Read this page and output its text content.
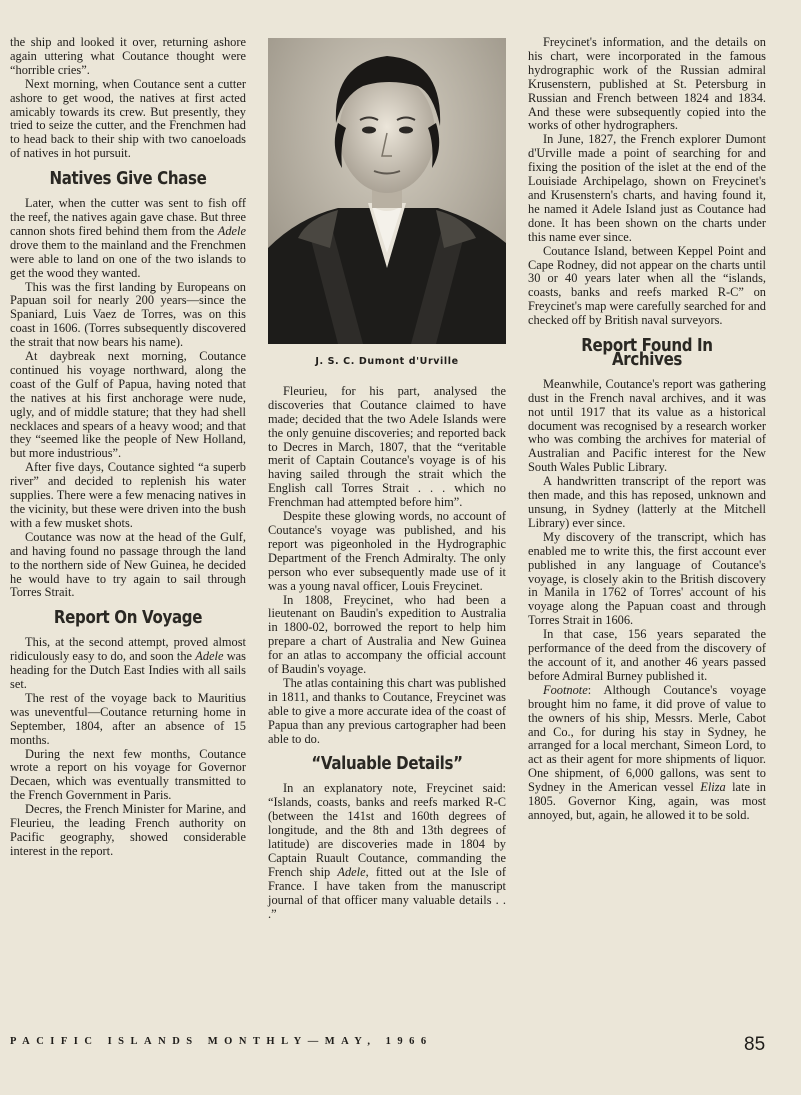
the ship and looked it over, returning ashore again uttering what Coutance thought were “horrible cries”.

Next morning, when Coutance sent a cutter ashore to get wood, the natives at first acted amicably towards its crew. But presently, they tried to seize the cutter, and the Frenchmen had to head back to their ship with two canoeloads of natives in hot pursuit.

Natives Give Chase

Later, when the cutter was sent to fish off the reef, the natives again gave chase. But three cannon shots fired behind them from the Adele drove them to the mainland and the Frenchmen were able to land on one of the two islands to get the wood they wanted.

This was the first landing by Europeans on Papuan soil for nearly 200 years—since the Spaniard, Luis Vaez de Torres, was on this coast in 1606. (Torres subsequently discovered the strait that now bears his name).

At daybreak next morning, Coutance continued his voyage northward, along the coast of the Gulf of Papua, having noted that the natives at his first anchorage were nude, ugly, and of middle stature; that they had shell necklaces and spears of a heavy wood; and that they “seemed like the people of New Holland, but more industrious”.

After five days, Coutance sighted “a superb river” and decided to replenish his water supplies. There were a few menacing natives in the vicinity, but these were driven into the bush with a few musket shots.

Coutance was now at the head of the Gulf, and having found no passage through the land to the northern side of New Guinea, he decided he would have to try again to sail through Torres Strait.

Report On Voyage

This, at the second attempt, proved almost ridiculously easy to do, and soon the Adele was heading for the Dutch East Indies with all sails set.

The rest of the voyage back to Mauritius was uneventful—Coutance returning home in September, 1804, after an absence of 15 months.

During the next few months, Coutance wrote a report on his voyage for Governor Decaen, which was eventually transmitted to the French Government in Paris.

Decres, the French Minister for Marine, and Fleurieu, the leading French authority on Pacific geography, showed considerable interest in the report.

J. S. C. Dumont d'Urville

Fleurieu, for his part, analysed the discoveries that Coutance claimed to have made; decided that the two Adele Islands were the only genuine discoveries; and reported back to Decres in March, 1807, that the “veritable merit of Captain Coutance's voyage is of his having sailed through the strait which the English call Torres Strait . . . which no Frenchman had attempted before him”.

Despite these glowing words, no account of Coutance's voyage was published, and his report was pigeonholed in the Hydrographic Department of the French Admiralty. The only person who ever subsequently made use of it was a young naval officer, Louis Freycinet.

In 1808, Freycinet, who had been a lieutenant on Baudin's expedition to Australia in 1800-02, borrowed the report to help him prepare a chart of Australia and New Guinea for an atlas to accompany the official account of Baudin's voyage.

The atlas containing this chart was published in 1811, and thanks to Coutance, Freycinet was able to give a more accurate idea of the coast of Papua than any previous cartographer had been able to do.

“Valuable Details”

In an explanatory note, Freycinet said: “Islands, coasts, banks and reefs marked R-C (between the 141st and 160th degrees of longitude, and the 8th and 13th degrees of latitude) are discoveries made in 1804 by Captain Ruault Coutance, commanding the French ship Adele, fitted out at the Isle of France. I have taken from the manuscript journal of that officer many valuable details . . .”

Freycinet's information, and the details on his chart, were incorporated in the famous hydrographic work of the Russian admiral Krusenstern, published at St. Petersburg in Russian and French between 1824 and 1834. And these were subsequently copied into the works of other hydrographers.

In June, 1827, the French explorer Dumont d'Urville made a point of searching for and fixing the position of the islet at the end of the Louisiade Archipelago, shown on Freycinet's and Krusenstern's charts, and having found it, he named it Adele Island just as Coutance had done. It has been shown on the charts under this name ever since.

Coutance Island, between Keppel Point and Cape Rodney, did not appear on the charts until 30 or 40 years later when all the “islands, coasts, banks and reefs marked R-C” on Freycinet's map were carefully searched for and checked off by British naval surveyors.

Report Found In Archives

Meanwhile, Coutance's report was gathering dust in the French naval archives, and it was not until 1917 that its value as a historical document was recognised by a research worker who was combing the archives for material of Australian and Pacific interest for the New South Wales Public Library.

A handwritten transcript of the report was then made, and this has reposed, unknown and unsung, in Sydney (latterly at the Mitchell Library) ever since.

My discovery of the transcript, which has enabled me to write this, the first account ever published in any language of Coutance's voyage, is closely akin to the British discovery in Manila in 1762 of Torres' account of his voyage along the Papuan coast and through Torres Strait in 1606.

In that case, 156 years separated the performance of the deed from the discovery of the account of it, and another 46 years passed before Admiral Burney published it.

Footnote: Although Coutance's voyage brought him no fame, it did prove of value to the owners of his ship, Messrs. Merle, Cabot and Co., for during his stay in Sydney, he arranged for a local merchant, Simeon Lord, to act as their agent for more shipments of liquor. One shipment, of 6,000 gallons, was sent to Sydney in the American vessel Eliza late in 1805. Governor King, again, was most annoyed, but, again, he allowed it to be sold.

PACIFIC ISLANDS MONTHLY—MAY, 1966	85
